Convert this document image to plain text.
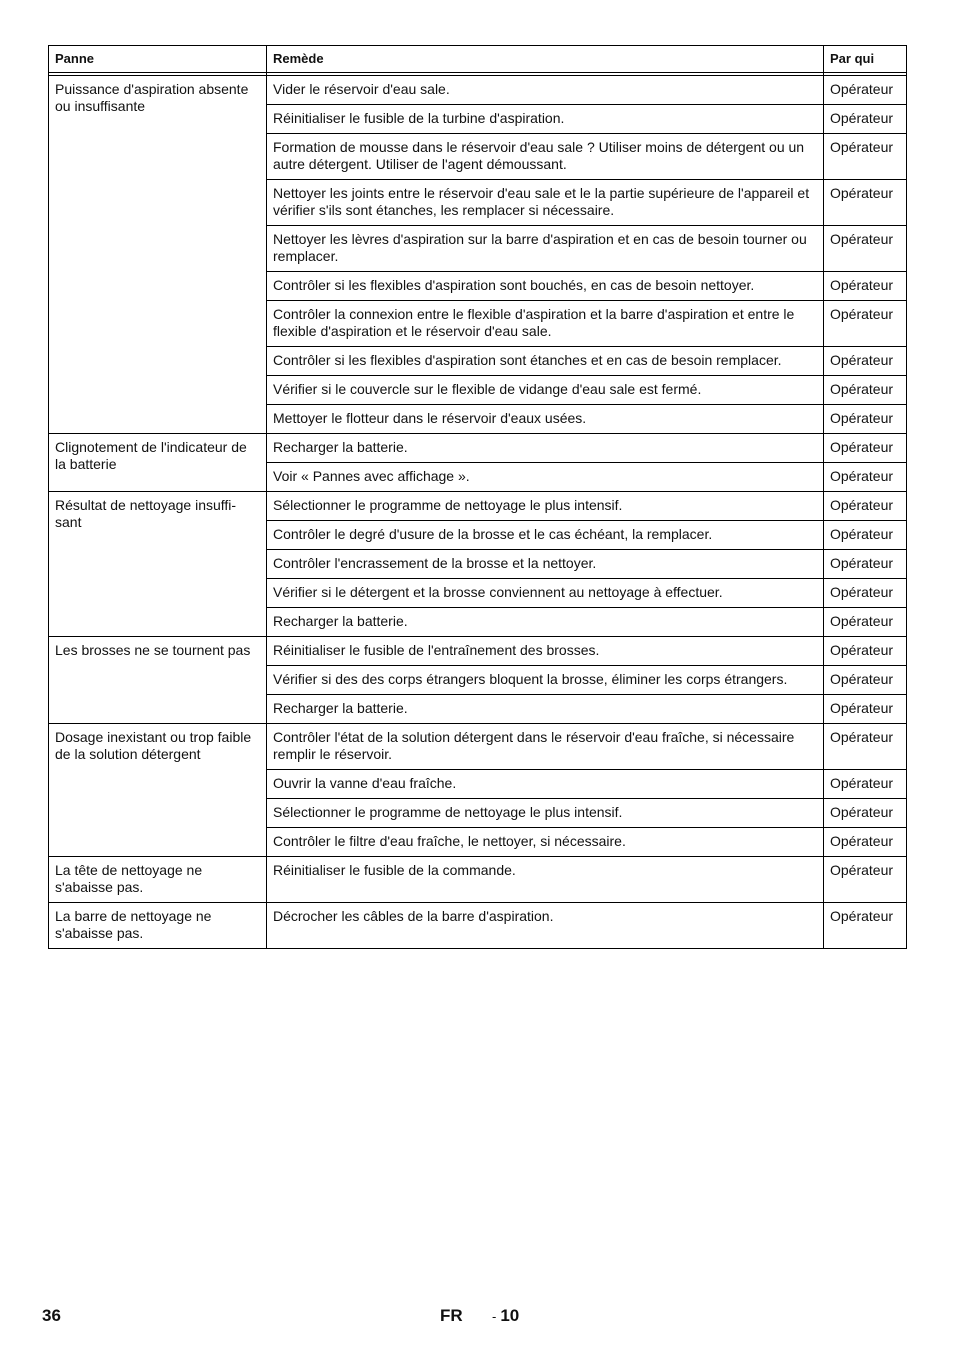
Panne	Remède	Par qui

Puissance d'aspiration absente ou insuffisante	Vider le réservoir d'eau sale.	Opérateur
	Réinitialiser le fusible de la turbine d'aspiration.	Opérateur
	Formation de mousse dans le réservoir d'eau sale ? Utiliser moins de détergent ou un autre détergent. Utiliser de l'agent démoussant.	Opérateur
	Nettoyer les joints entre le réservoir d'eau sale et le la partie supérieure de l'appareil et vérifier s'ils sont étanches, les remplacer si nécessaire.	Opérateur
	Nettoyer les lèvres d'aspiration sur la barre d'aspiration et en cas de besoin tourner ou remplacer.	Opérateur
	Contrôler si les flexibles d'aspiration sont bouchés, en cas de besoin nettoyer.	Opérateur
	Contrôler la connexion entre le flexible d'aspiration et la barre d'aspiration et entre le flexible d'aspiration et le réservoir d'eau sale.	Opérateur
	Contrôler si les flexibles d'aspiration sont étanches et en cas de besoin remplacer.	Opérateur
	Vérifier si le couvercle sur le flexible de vidange d'eau sale est fermé.	Opérateur
	Mettoyer le flotteur dans le réservoir d'eaux usées.	Opérateur
Clignotement de l'indicateur de la batterie	Recharger la batterie.	Opérateur
	Voir « Pannes avec affichage ».	Opérateur
Résultat de nettoyage insuffi-sant	Sélectionner le programme de nettoyage le plus intensif.	Opérateur
	Contrôler le degré d'usure de la brosse et le cas échéant, la remplacer.	Opérateur
	Contrôler l'encrassement de la brosse et la nettoyer.	Opérateur
	Vérifier si le détergent et la brosse conviennent au nettoyage à effectuer.	Opérateur
	Recharger la batterie.	Opérateur
Les brosses ne se tournent pas	Réinitialiser le fusible de l'entraînement des brosses.	Opérateur
	Vérifier si des des corps étrangers bloquent la brosse, éliminer les corps étrangers.	Opérateur
	Recharger la batterie.	Opérateur
Dosage inexistant ou trop faible de la solution détergent	Contrôler l'état de la solution détergent dans le réservoir d'eau fraîche, si nécessaire remplir le réservoir.	Opérateur
	Ouvrir la vanne d'eau fraîche.	Opérateur
	Sélectionner le programme de nettoyage le plus intensif.	Opérateur
	Contrôler le filtre d'eau fraîche, le nettoyer, si nécessaire.	Opérateur
La tête de nettoyage ne s'abaisse pas.	Réinitialiser le fusible de la commande.	Opérateur
La barre de nettoyage ne s'abaisse pas.	Décrocher les câbles de la barre d'aspiration.	Opérateur
36	FR - 10
